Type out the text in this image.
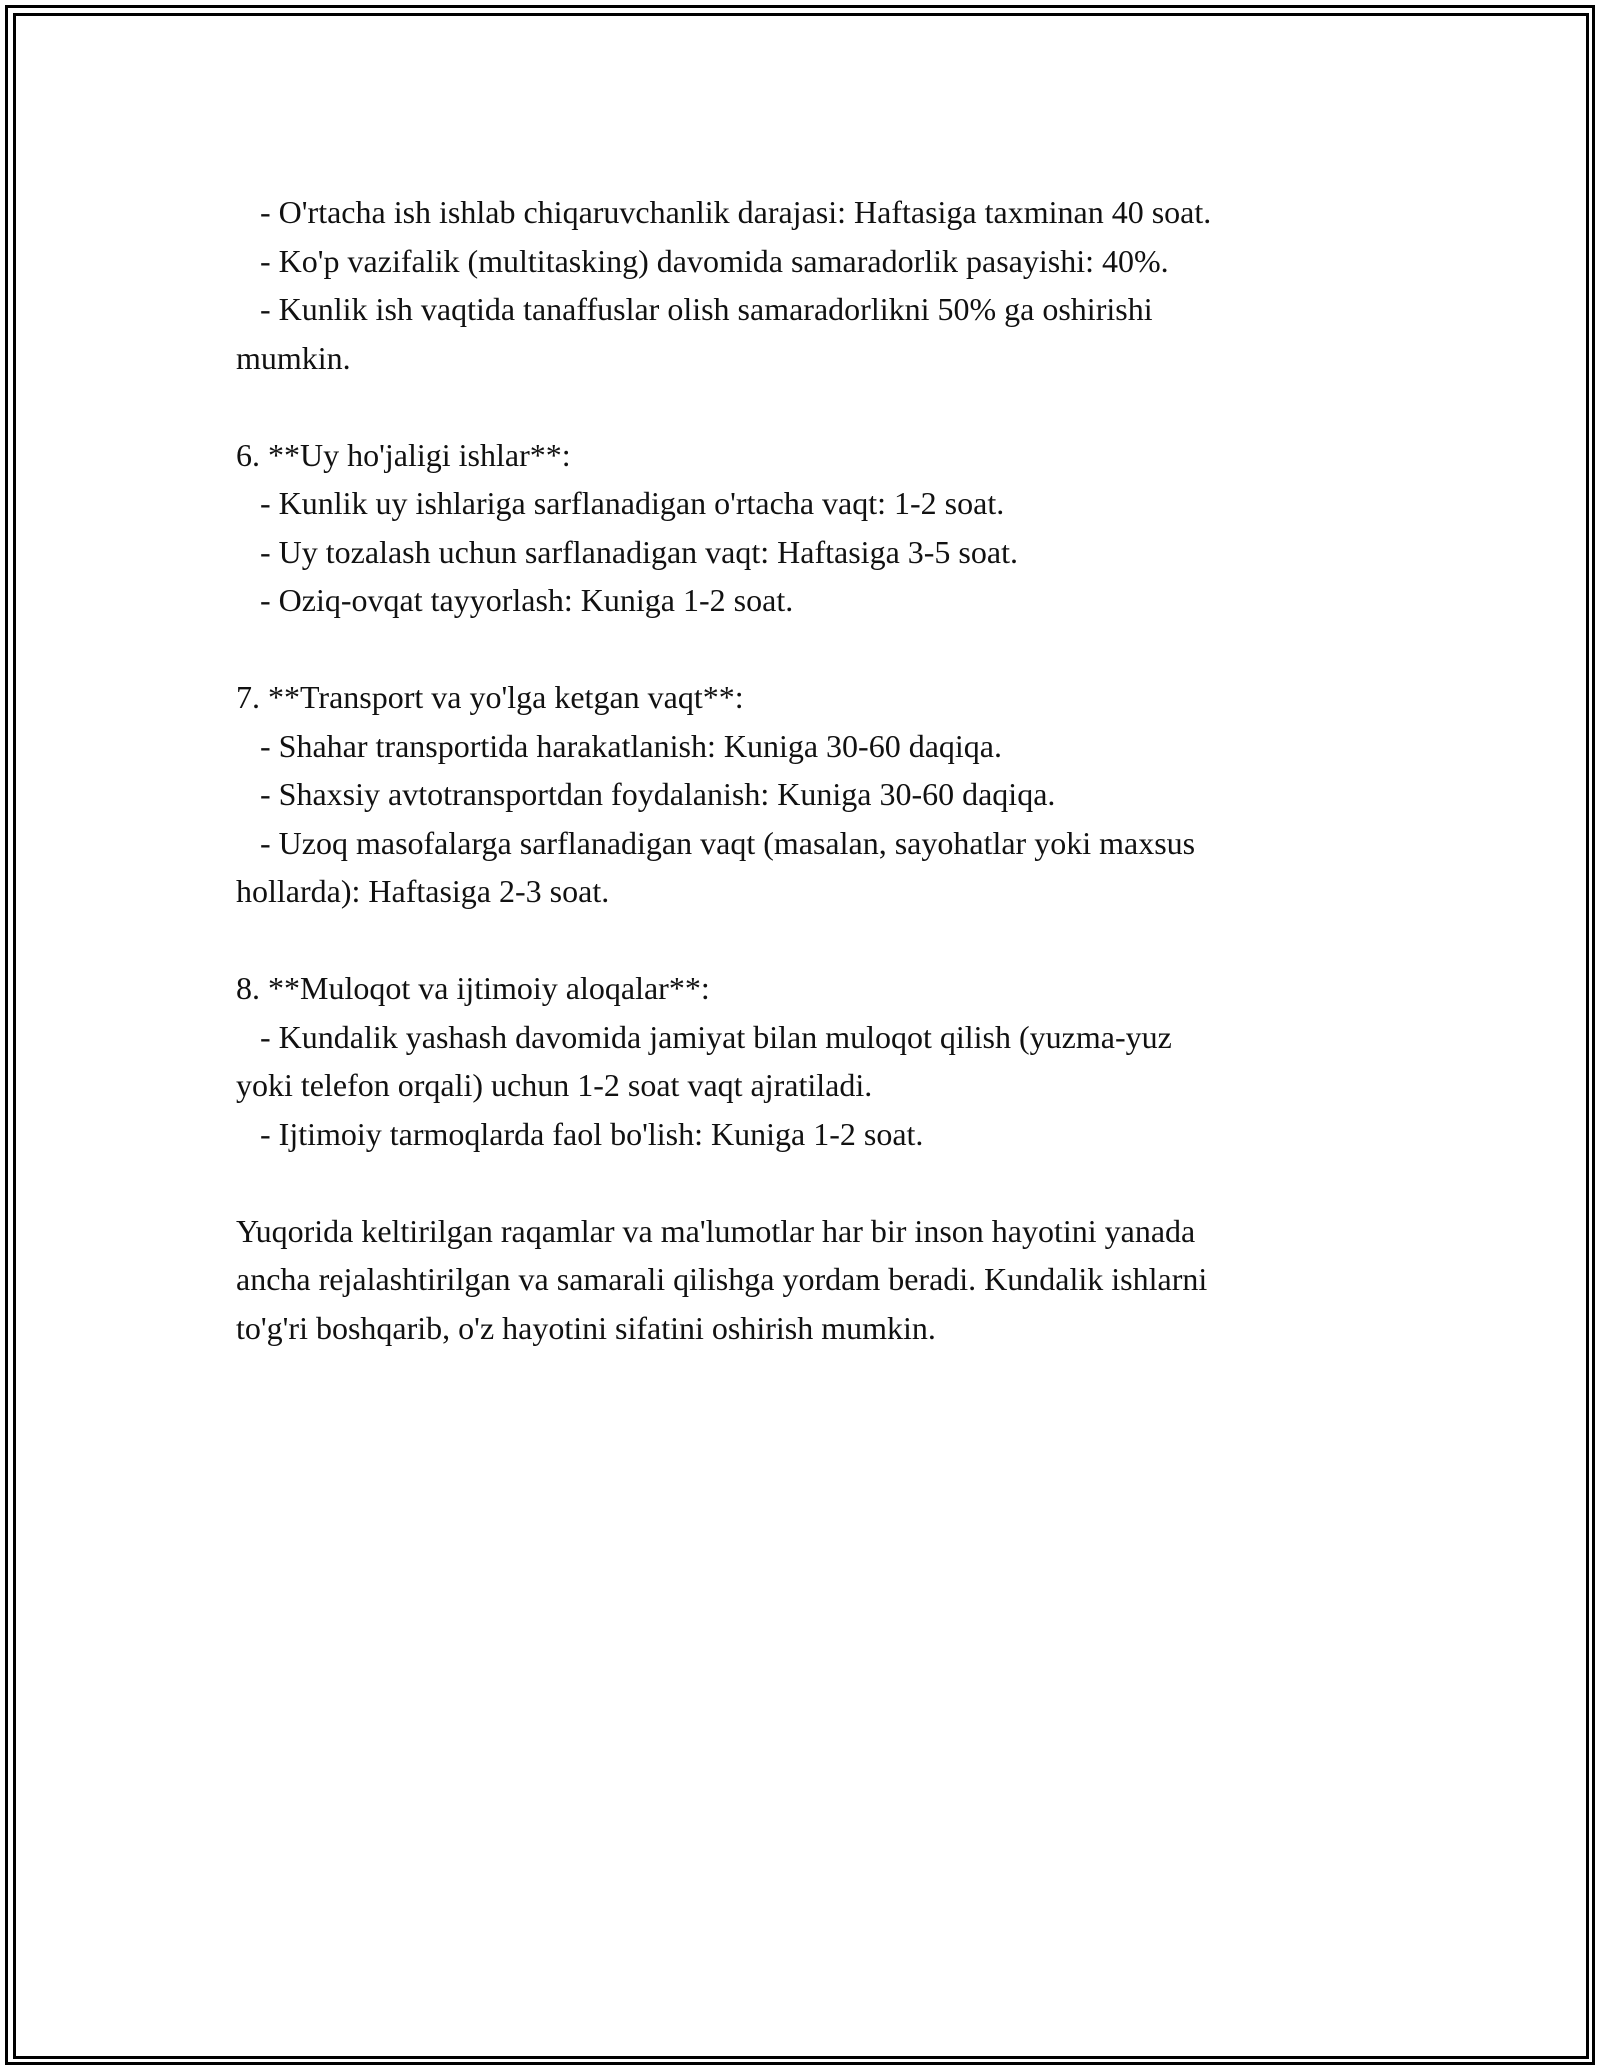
- O'rtacha ish ishlab chiqaruvchanlik darajasi: Haftasiga taxminan 40 soat.
- Ko'p vazifalik (multitasking) davomida samaradorlik pasayishi: 40%.
- Kunlik ish vaqtida tanaffuslar olish samaradorlikni 50% ga oshirishi
mumkin.
6. **Uy ho'jaligi ishlar**:
- Kunlik uy ishlariga sarflanadigan o'rtacha vaqt: 1-2 soat.
- Uy tozalash uchun sarflanadigan vaqt: Haftasiga 3-5 soat.
- Oziq-ovqat tayyorlash: Kuniga 1-2 soat.
7. **Transport va yo'lga ketgan vaqt**:
- Shahar transportida harakatlanish: Kuniga 30-60 daqiqa.
- Shaxsiy avtotransportdan foydalanish: Kuniga 30-60 daqiqa.
- Uzoq masofalarga sarflanadigan vaqt (masalan, sayohatlar yoki maxsus
hollarda): Haftasiga 2-3 soat.
8. **Muloqot va ijtimoiy aloqalar**:
- Kundalik yashash davomida jamiyat bilan muloqot qilish (yuzma-yuz
yoki telefon orqali) uchun 1-2 soat vaqt ajratiladi.
- Ijtimoiy tarmoqlarda faol bo'lish: Kuniga 1-2 soat.
Yuqorida keltirilgan raqamlar va ma'lumotlar har bir inson hayotini yanada
ancha rejalashtirilgan va samarali qilishga yordam beradi. Kundalik ishlarni
to'g'ri boshqarib, o'z hayotini sifatini oshirish mumkin.
